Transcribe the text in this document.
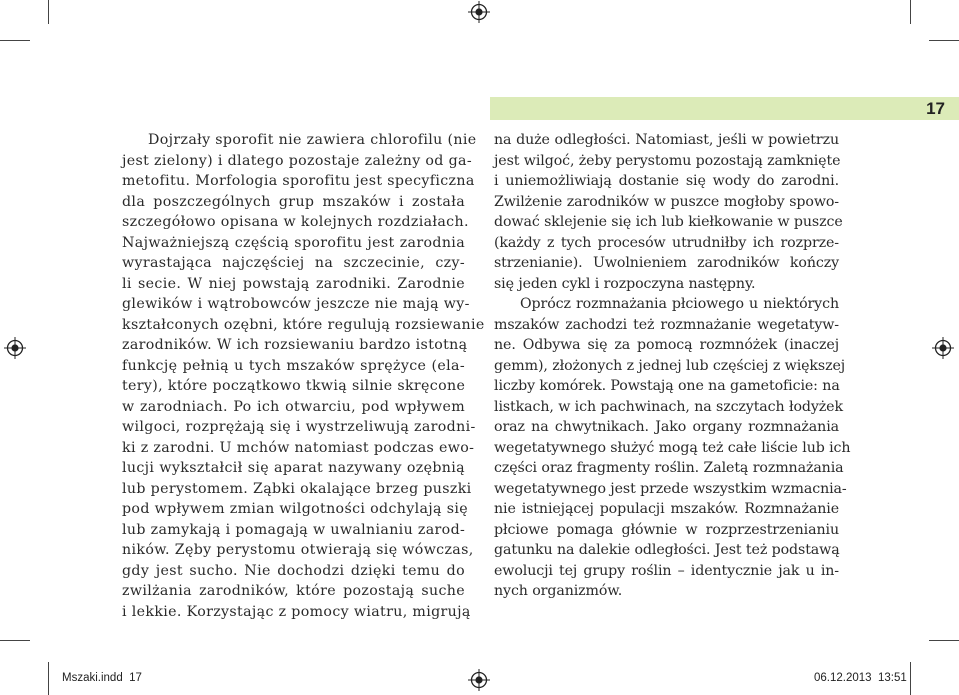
17
Dojrzały sporofit nie zawiera chlorofilu (nie
jest zielony) i dlatego pozostaje zależny od ga-
metofitu. Morfologia sporofitu jest specyficzna
dla poszczególnych grup mszaków i została
szczegółowo opisana w kolejnych rozdziałach.
Najważniejszą częścią sporofitu jest zarodnia
wyrastająca najczęściej na szczecinie, czy-
li secie. W niej powstają zarodniki. Zarodnie
glewików i wątrobowców jeszcze nie mają wy-
kształconych ozębni, które regulują rozsiewanie
zarodników. W ich rozsiewaniu bardzo istotną
funkcję pełnią u tych mszaków sprężyce (ela-
tery), które początkowo tkwią silnie skręcone
w zarodniach. Po ich otwarciu, pod wpływem
wilgoci, rozprężają się i wystrzeliwują zarodni-
ki z zarodni. U mchów natomiast podczas ewo-
lucji wykształcił się aparat nazywany ozębnią
lub perystomem. Ząbki okalające brzeg puszki
pod wpływem zmian wilgotności odchylają się
lub zamykają i pomagają w uwalnianiu zarod-
ników. Zęby perystomu otwierają się wówczas,
gdy jest sucho. Nie dochodzi dzięki temu do
zwilżania zarodników, które pozostają suche
i lekkie. Korzystając z pomocy wiatru, migrują
na duże odległości. Natomiast, jeśli w powietrzu
jest wilgoć, żeby perystomu pozostają zamknięte
i uniemożliwiają dostanie się wody do zarodni.
Zwilżenie zarodników w puszce mogłoby spowo-
dować sklejenie się ich lub kiełkowanie w puszce
(każdy z tych procesów utrudniłby ich rozprze-
strzenianie). Uwolnieniem zarodników kończy
się jeden cykl i rozpoczyna następny.
Oprócz rozmnażania płciowego u niektórych
mszaków zachodzi też rozmnażanie wegetatyw-
ne. Odbywa się za pomocą rozmnóżek (inaczej
gemm), złożonych z jednej lub częściej z większej
liczby komórek. Powstają one na gametoficie: na
listkach, w ich pachwinach, na szczytach łodyżek
oraz na chwytnikach. Jako organy rozmnażania
wegetatywnego służyć mogą też całe liście lub ich
części oraz fragmenty roślin. Zaletą rozmnażania
wegetatywnego jest przede wszystkim wzmacnia-
nie istniejącej populacji mszaków. Rozmnażanie
płciowe pomaga głównie w rozprzestrzenianiu
gatunku na dalekie odległości. Jest też podstawą
ewolucji tej grupy roślin – identycznie jak u in-
nych organizmów.
Mszaki.indd 17	06.12.2013 13:51
